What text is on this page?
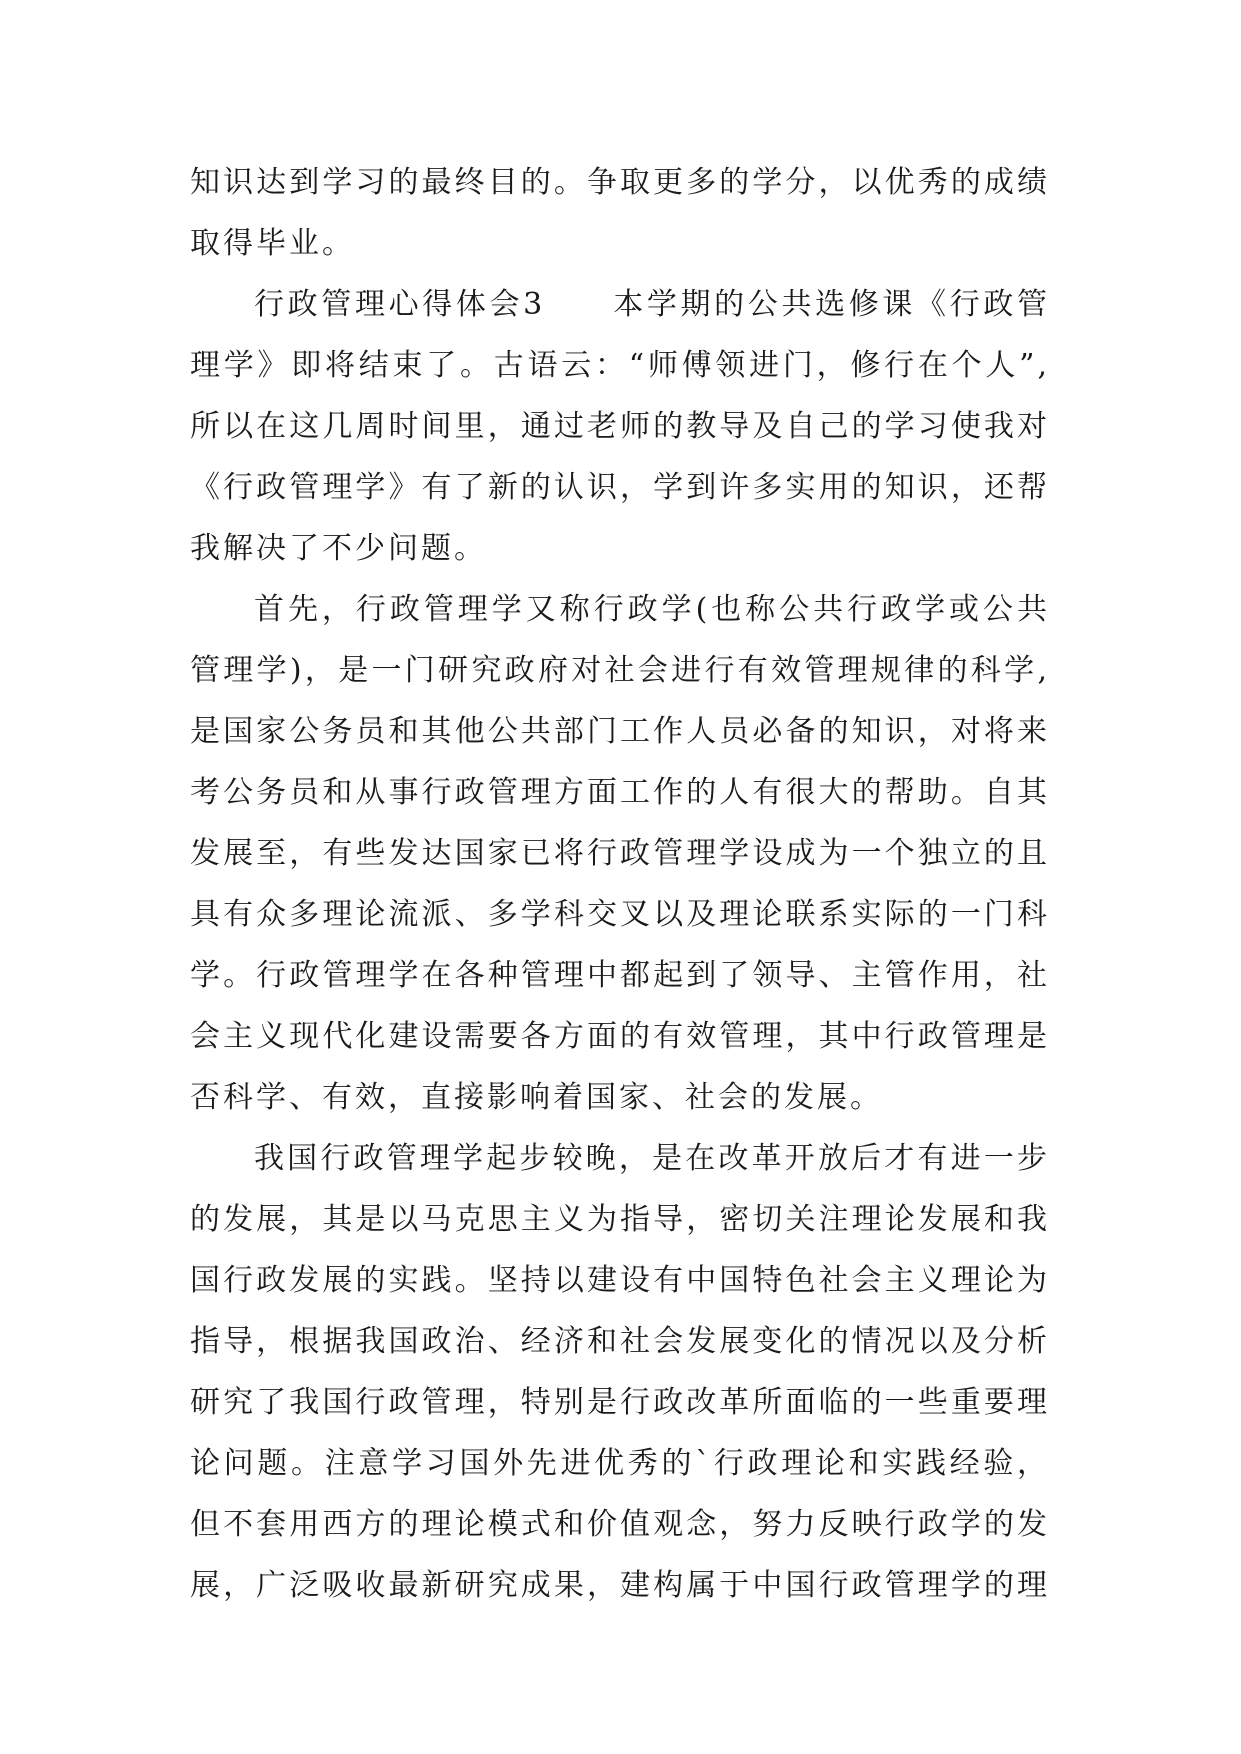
知识达到学习的最终目的。争取更多的学分，以优秀的成绩
取得毕业。
行政管理心得体会3　　本学期的公共选修课《行政管
理学》即将结束了。古语云：“师傅领进门，修行在个人”,
所以在这几周时间里，通过老师的教导及自己的学习使我对
《行政管理学》有了新的认识，学到许多实用的知识，还帮
我解决了不少问题。
首先，行政管理学又称行政学(也称公共行政学或公共
管理学)，是一门研究政府对社会进行有效管理规律的科学,
是国家公务员和其他公共部门工作人员必备的知识，对将来
考公务员和从事行政管理方面工作的人有很大的帮助。自其
发展至，有些发达国家已将行政管理学设成为一个独立的且
具有众多理论流派、多学科交叉以及理论联系实际的一门科
学。行政管理学在各种管理中都起到了领导、主管作用，社
会主义现代化建设需要各方面的有效管理，其中行政管理是
否科学、有效，直接影响着国家、社会的发展。
我国行政管理学起步较晚，是在改革开放后才有进一步
的发展，其是以马克思主义为指导，密切关注理论发展和我
国行政发展的实践。坚持以建设有中国特色社会主义理论为
指导，根据我国政治、经济和社会发展变化的情况以及分析
研究了我国行政管理，特别是行政改革所面临的一些重要理
论问题。注意学习国外先进优秀的`行政理论和实践经验，
但不套用西方的理论模式和价值观念，努力反映行政学的发
展，广泛吸收最新研究成果，建构属于中国行政管理学的理
